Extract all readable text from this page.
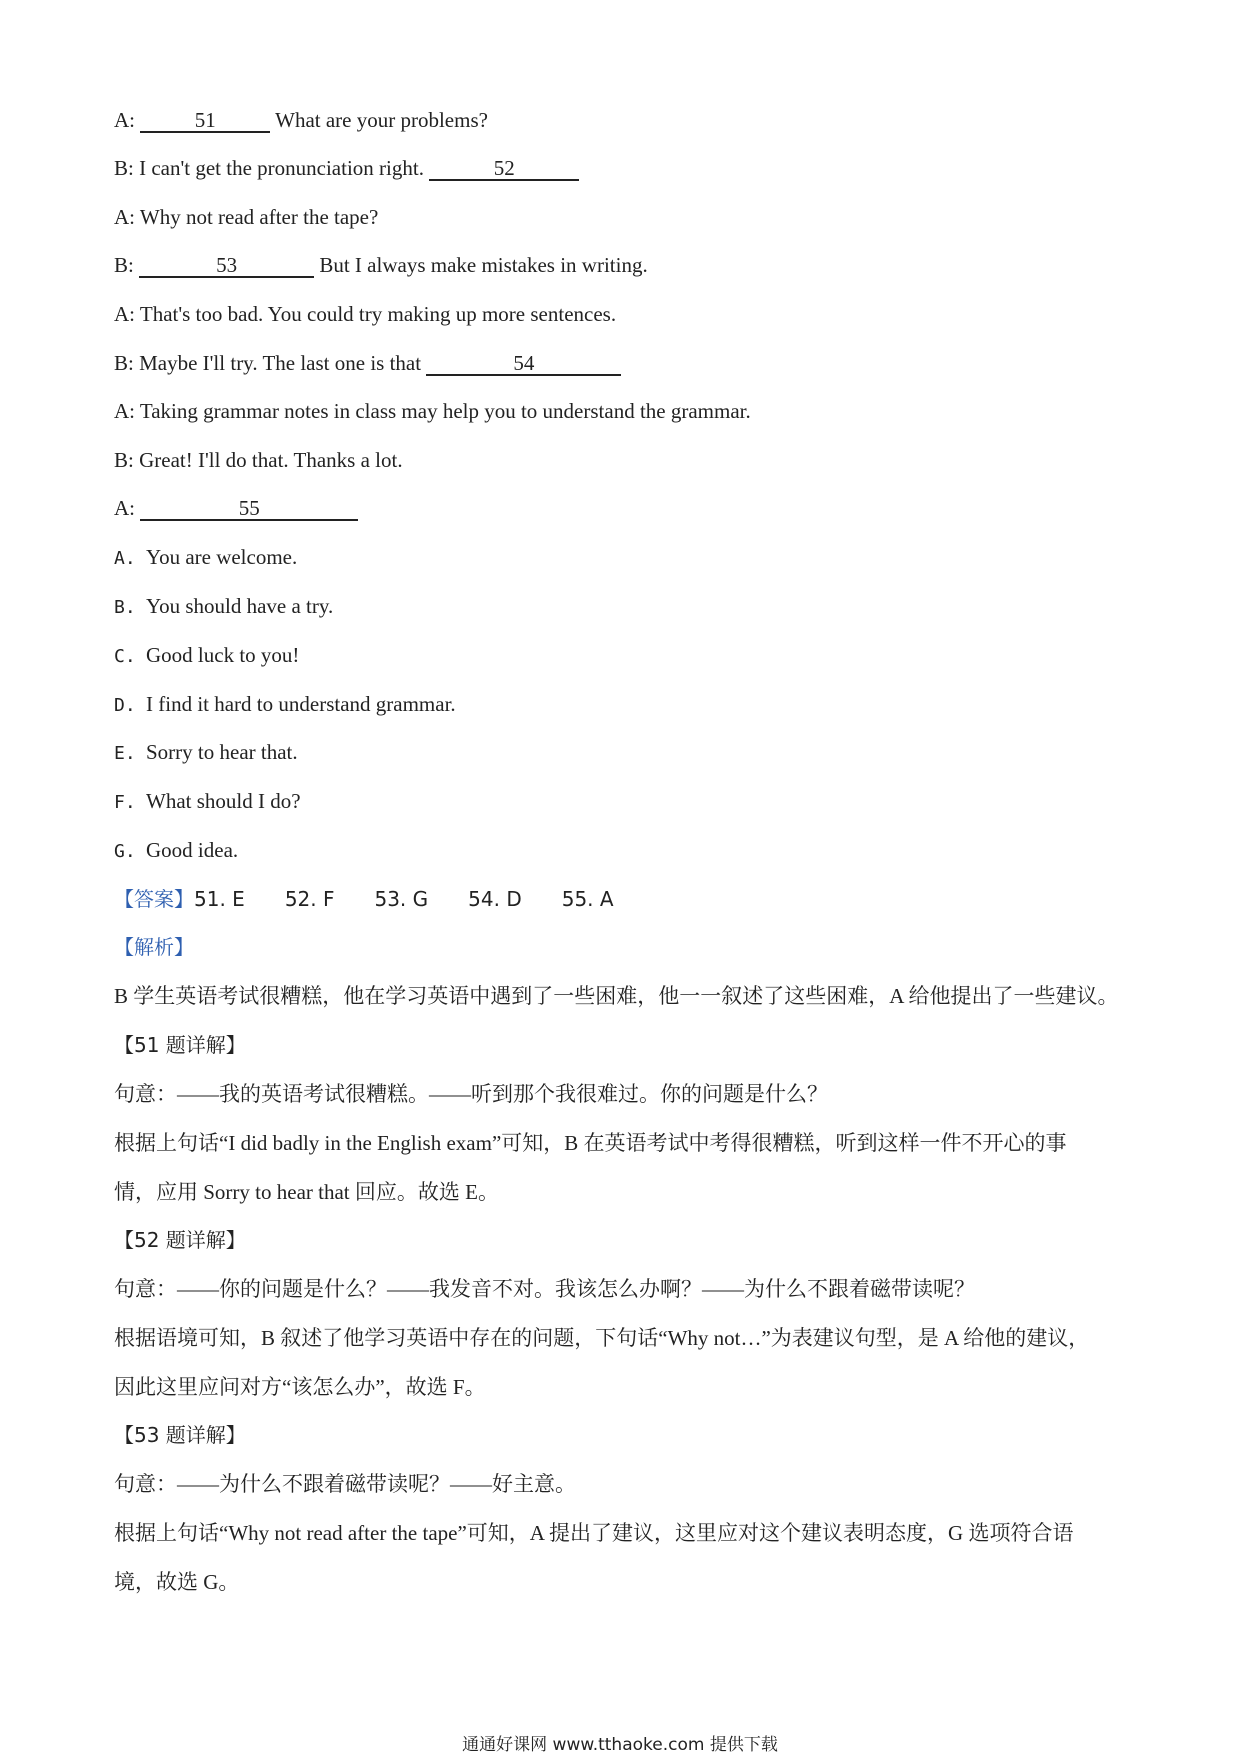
A:	51	What are your problems?
B: I can't get the pronunciation right.	52
A: Why not read after the tape?
B:	53	But I always make mistakes in writing.
A: That's too bad. You could try making up more sentences.
B: Maybe I'll try. The last one is that	54
A: Taking grammar notes in class may help you to understand the grammar.
B: Great! I'll do that. Thanks a lot.
A:	55
A. You are welcome.
B. You should have a try.
C. Good luck to you!
D. I find it hard to understand grammar.
E. Sorry to hear that.
F. What should I do?
G. Good idea.
【答案】51. E 52. F 53. G 54. D 55. A
【解析】
B 学生英语考试很糟糕，他在学习英语中遇到了一些困难，他一一叙述了这些困难，A 给他提出了一些建议。
【51 题详解】
句意：——我的英语考试很糟糕。——听到那个我很难过。你的问题是什么？
根据上句话“I did badly in the English exam”可知，B 在英语考试中考得很糟糕，听到这样一件不开心的事
情，应用 Sorry to hear that 回应。故选 E。
【52 题详解】
句意：——你的问题是什么？——我发音不对。我该怎么办啊？——为什么不跟着磁带读呢？
根据语境可知，B 叙述了他学习英语中存在的问题，下句话“Why not…”为表建议句型，是 A 给他的建议，
因此这里应问对方“该怎么办”，故选 F。
【53 题详解】
句意：——为什么不跟着磁带读呢？——好主意。
根据上句话“Why not read after the tape”可知，A 提出了建议，这里应对这个建议表明态度，G 选项符合语
境，故选 G。
通通好课网 www.tthaoke.com 提供下载
